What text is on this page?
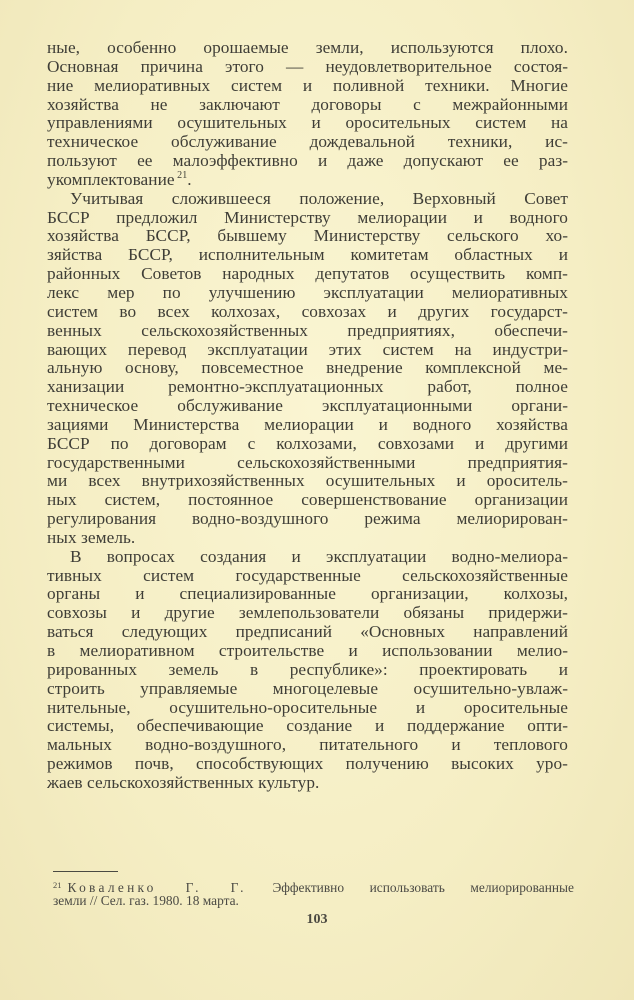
ные, особенно орошаемые земли, используются плохо.
Основная причина этого — неудовлетворительное состоя-
ние мелиоративных систем и поливной техники. Многие
хозяйства не заключают договоры с межрайонными
управлениями осушительных и оросительных систем на
техническое обслуживание дождевальной техники, ис-
пользуют ее малоэффективно и даже допускают ее раз-
укомплектование $^{21}$.
Учитывая сложившееся положение, Верховный Совет
БССР предложил Министерству мелиорации и водного
хозяйства БССР, бывшему Министерству сельского хо-
зяйства БССР, исполнительным комитетам областных и
районных Советов народных депутатов осуществить комп-
лекс мер по улучшению эксплуатации мелиоративных
систем во всех колхозах, совхозах и других государст-
венных сельскохозяйственных предприятиях, обеспечи-
вающих перевод эксплуатации этих систем на индустри-
альную основу, повсеместное внедрение комплексной ме-
ханизации ремонтно-эксплуатационных работ, полное
техническое обслуживание эксплуатационными органи-
зациями Министерства мелиорации и водного хозяйства
БССР по договорам с колхозами, совхозами и другими
государственными сельскохозяйственными предприятия-
ми всех внутрихозяйственных осушительных и ороситель-
ных систем, постоянное совершенствование организации
регулирования водно-воздушного режима мелиорирован-
ных земель.
В вопросах создания и эксплуатации водно-мелиора-
тивных систем государственные сельскохозяйственные
органы и специализированные организации, колхозы,
совхозы и другие землепользователи обязаны придержи-
ваться следующих предписаний «Основных направлений
в мелиоративном строительстве и использовании мелио-
рированных земель в республике»: проектировать и
строить управляемые многоцелевые осушительно-увлаж-
нительные, осушительно-оросительные и оросительные
системы, обеспечивающие создание и поддержание опти-
мальных водно-воздушного, питательного и теплового
режимов почв, способствующих получению высоких уро-
жаев сельскохозяйственных культур.
$^{21}$ Коваленко Г. Г. Эффективно использовать мелиорированные
земли // Сел. газ. 1980. 18 марта.
103
